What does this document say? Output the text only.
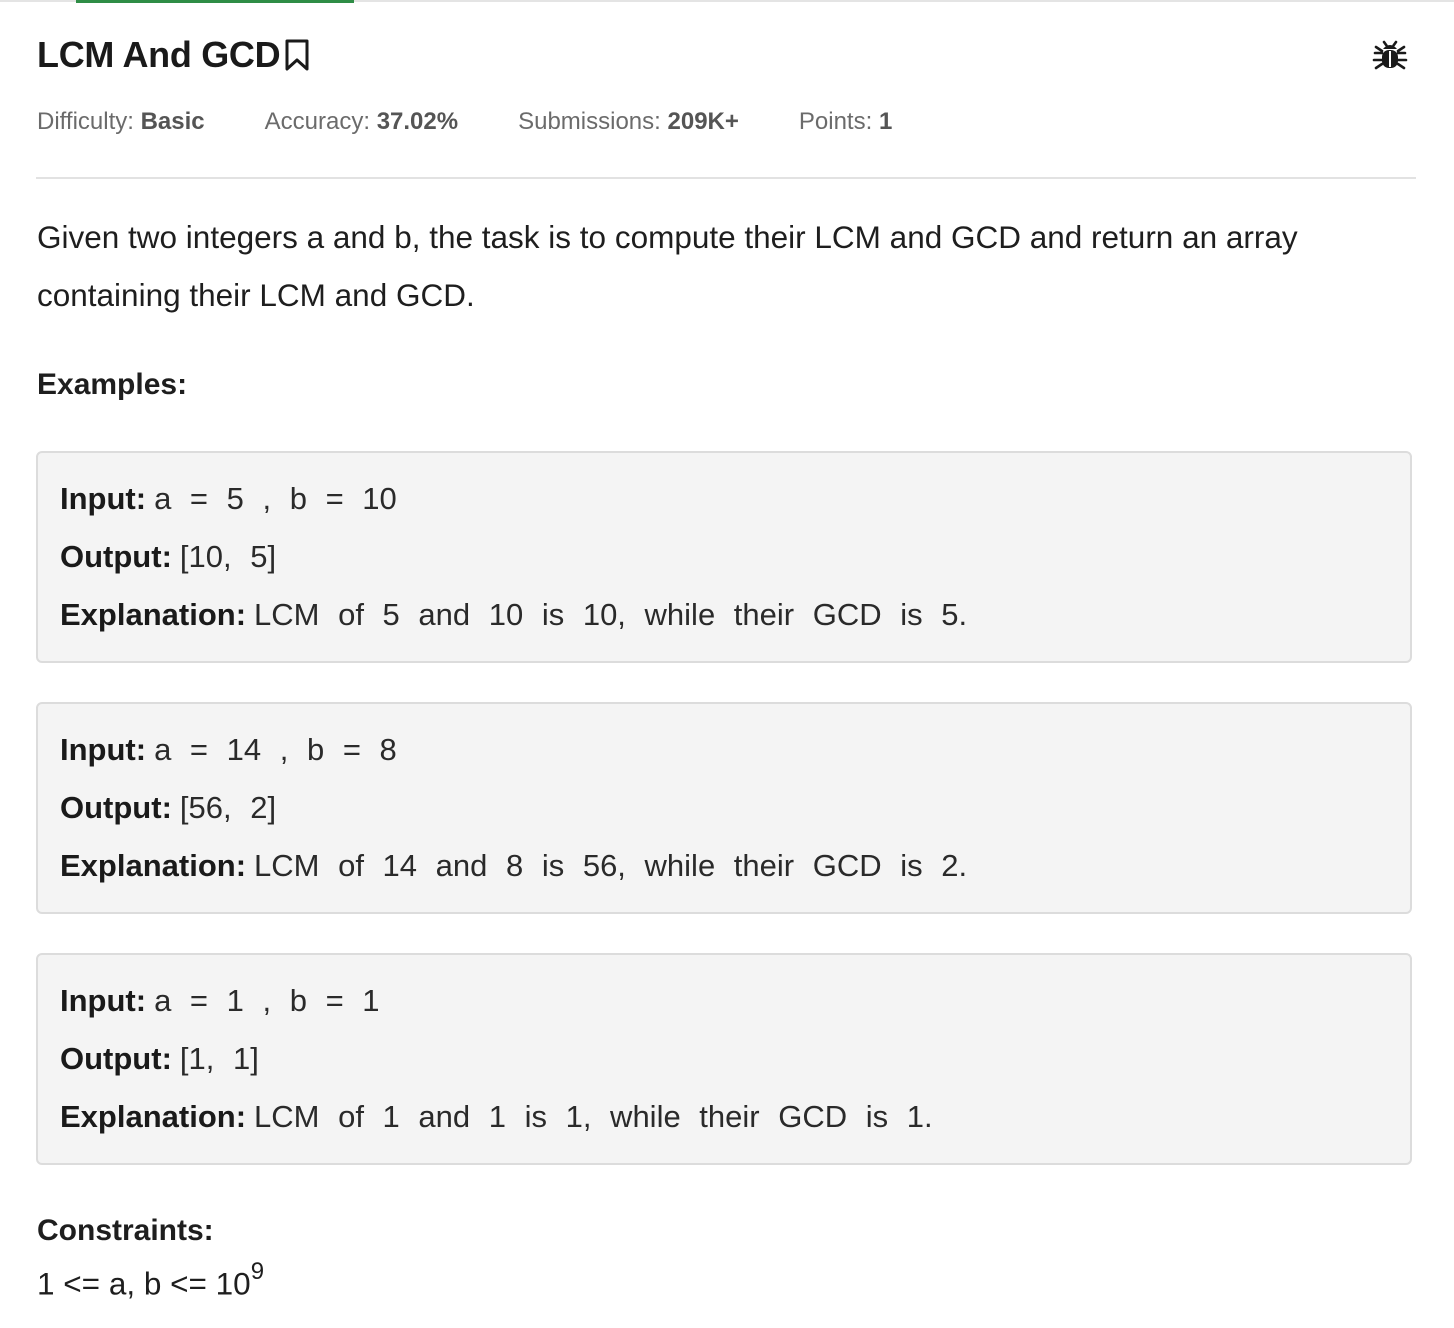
LCM And GCD
Difficulty: Basic	Accuracy: 37.02%	Submissions: 209K+	Points: 1
Given two integers a and b, the task is to compute their LCM and GCD and return an array containing their LCM and GCD.
Examples:
Input: a = 5 , b = 10
Output: [10, 5]
Explanation: LCM of 5 and 10 is 10, while their GCD is 5.
Input: a = 14 , b = 8
Output: [56, 2]
Explanation: LCM of 14 and 8 is 56, while their GCD is 2.
Input: a = 1 , b = 1
Output: [1, 1]
Explanation: LCM of 1 and 1 is 1, while their GCD is 1.
Constraints:
1 <= a, $b <= 10^9$
